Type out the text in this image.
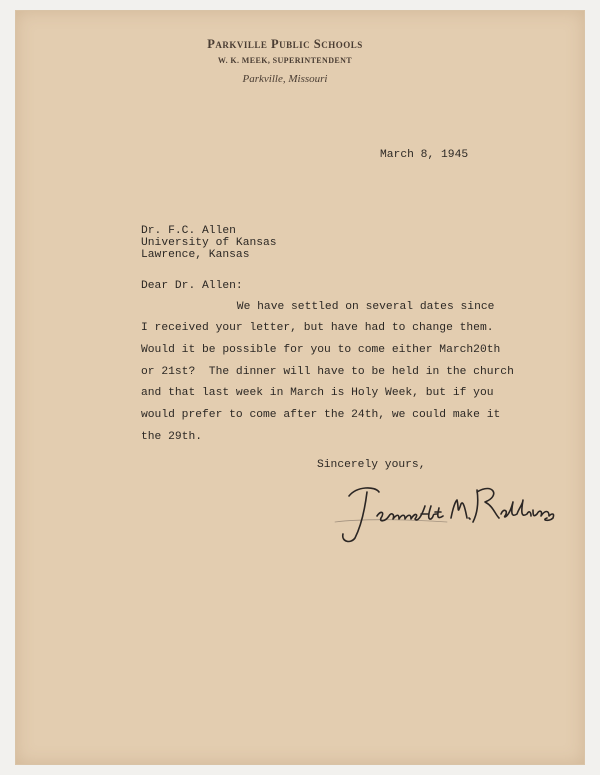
Parkville Public Schools
W. K. MEEK, SUPERINTENDENT
Parkville, Missouri
March 8, 1945
Dr. F.C. Allen
University of Kansas
Lawrence, Kansas
Dear Dr. Allen:
We have settled on several dates since
I received your letter, but have had to change them.
Would it be possible for you to come either March20th
or 21st?  The dinner will have to be held in the church
and that last week in March is Holy Week, but if you
would prefer to come after the 24th, we could make it
the 29th.
Sincerely yours,
